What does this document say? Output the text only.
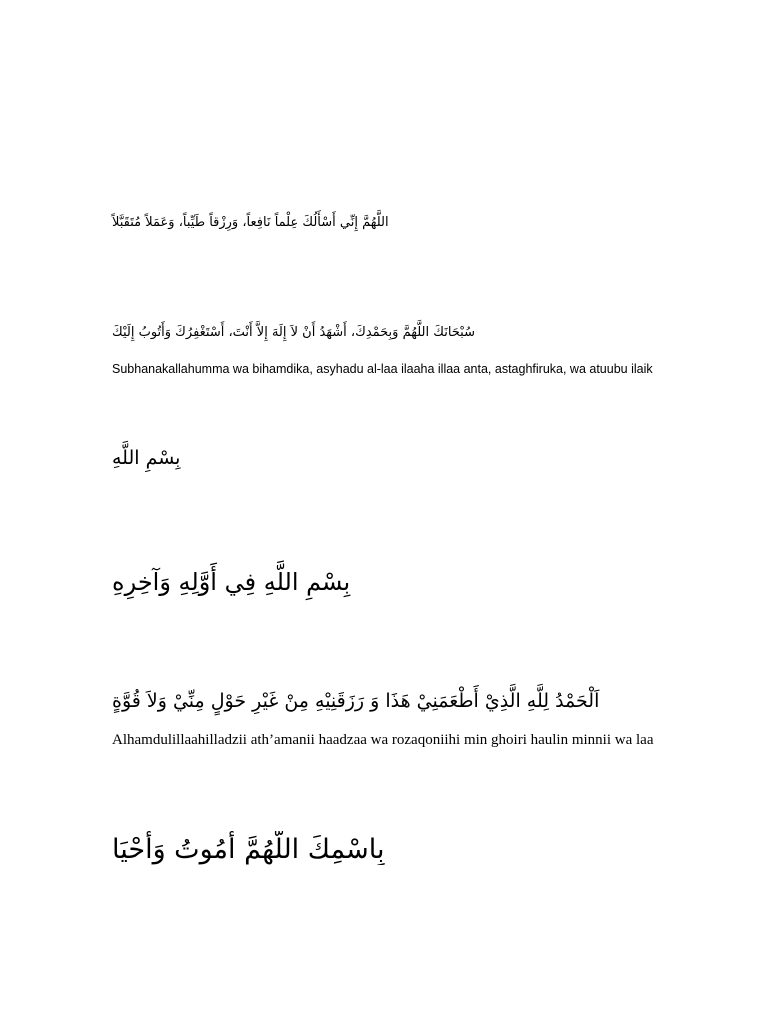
اللَّهُمَّ إِنِّي أَسْأَلُكَ عِلْماً نَافِعاً، وَرِزْقاً طَيِّباً، وَعَمَلاً مُتَقَبَّلاً
سُبْحَانَكَ اللَّهُمَّ وَبِحَمْدِكَ، أَشْهَدُ أَنْ لاَ إِلَهَ إِلاَّ أَنْتَ، أَسْتَغْفِرُكَ وَأَتُوبُ إِلَيْكَ
Subhanakallahumma wa bihamdika, asyhadu al-laa ilaaha illaa anta, astaghfiruka, wa atuubu ilaik
بِسْمِ اللَّهِ
بِسْمِ اللَّهِ فِي أَوَّلِهِ وَآخِرِهِ
اَلْحَمْدُ لِلَّهِ الَّذِيْ أَطْعَمَنِيْ هَذَا وَ رَزَقَنِيْهِ مِنْ غَيْرِ حَوْلٍ مِنِّيْ وَلاَ قُوَّةٍ
Alhamdulillaahilladzii ath’amanii haadzaa wa rozaqoniihi min ghoiri haulin minnii wa laa
بِاسْمِكَ اللَّهُمَّ أَمُوتُ وَأَحْيَا
